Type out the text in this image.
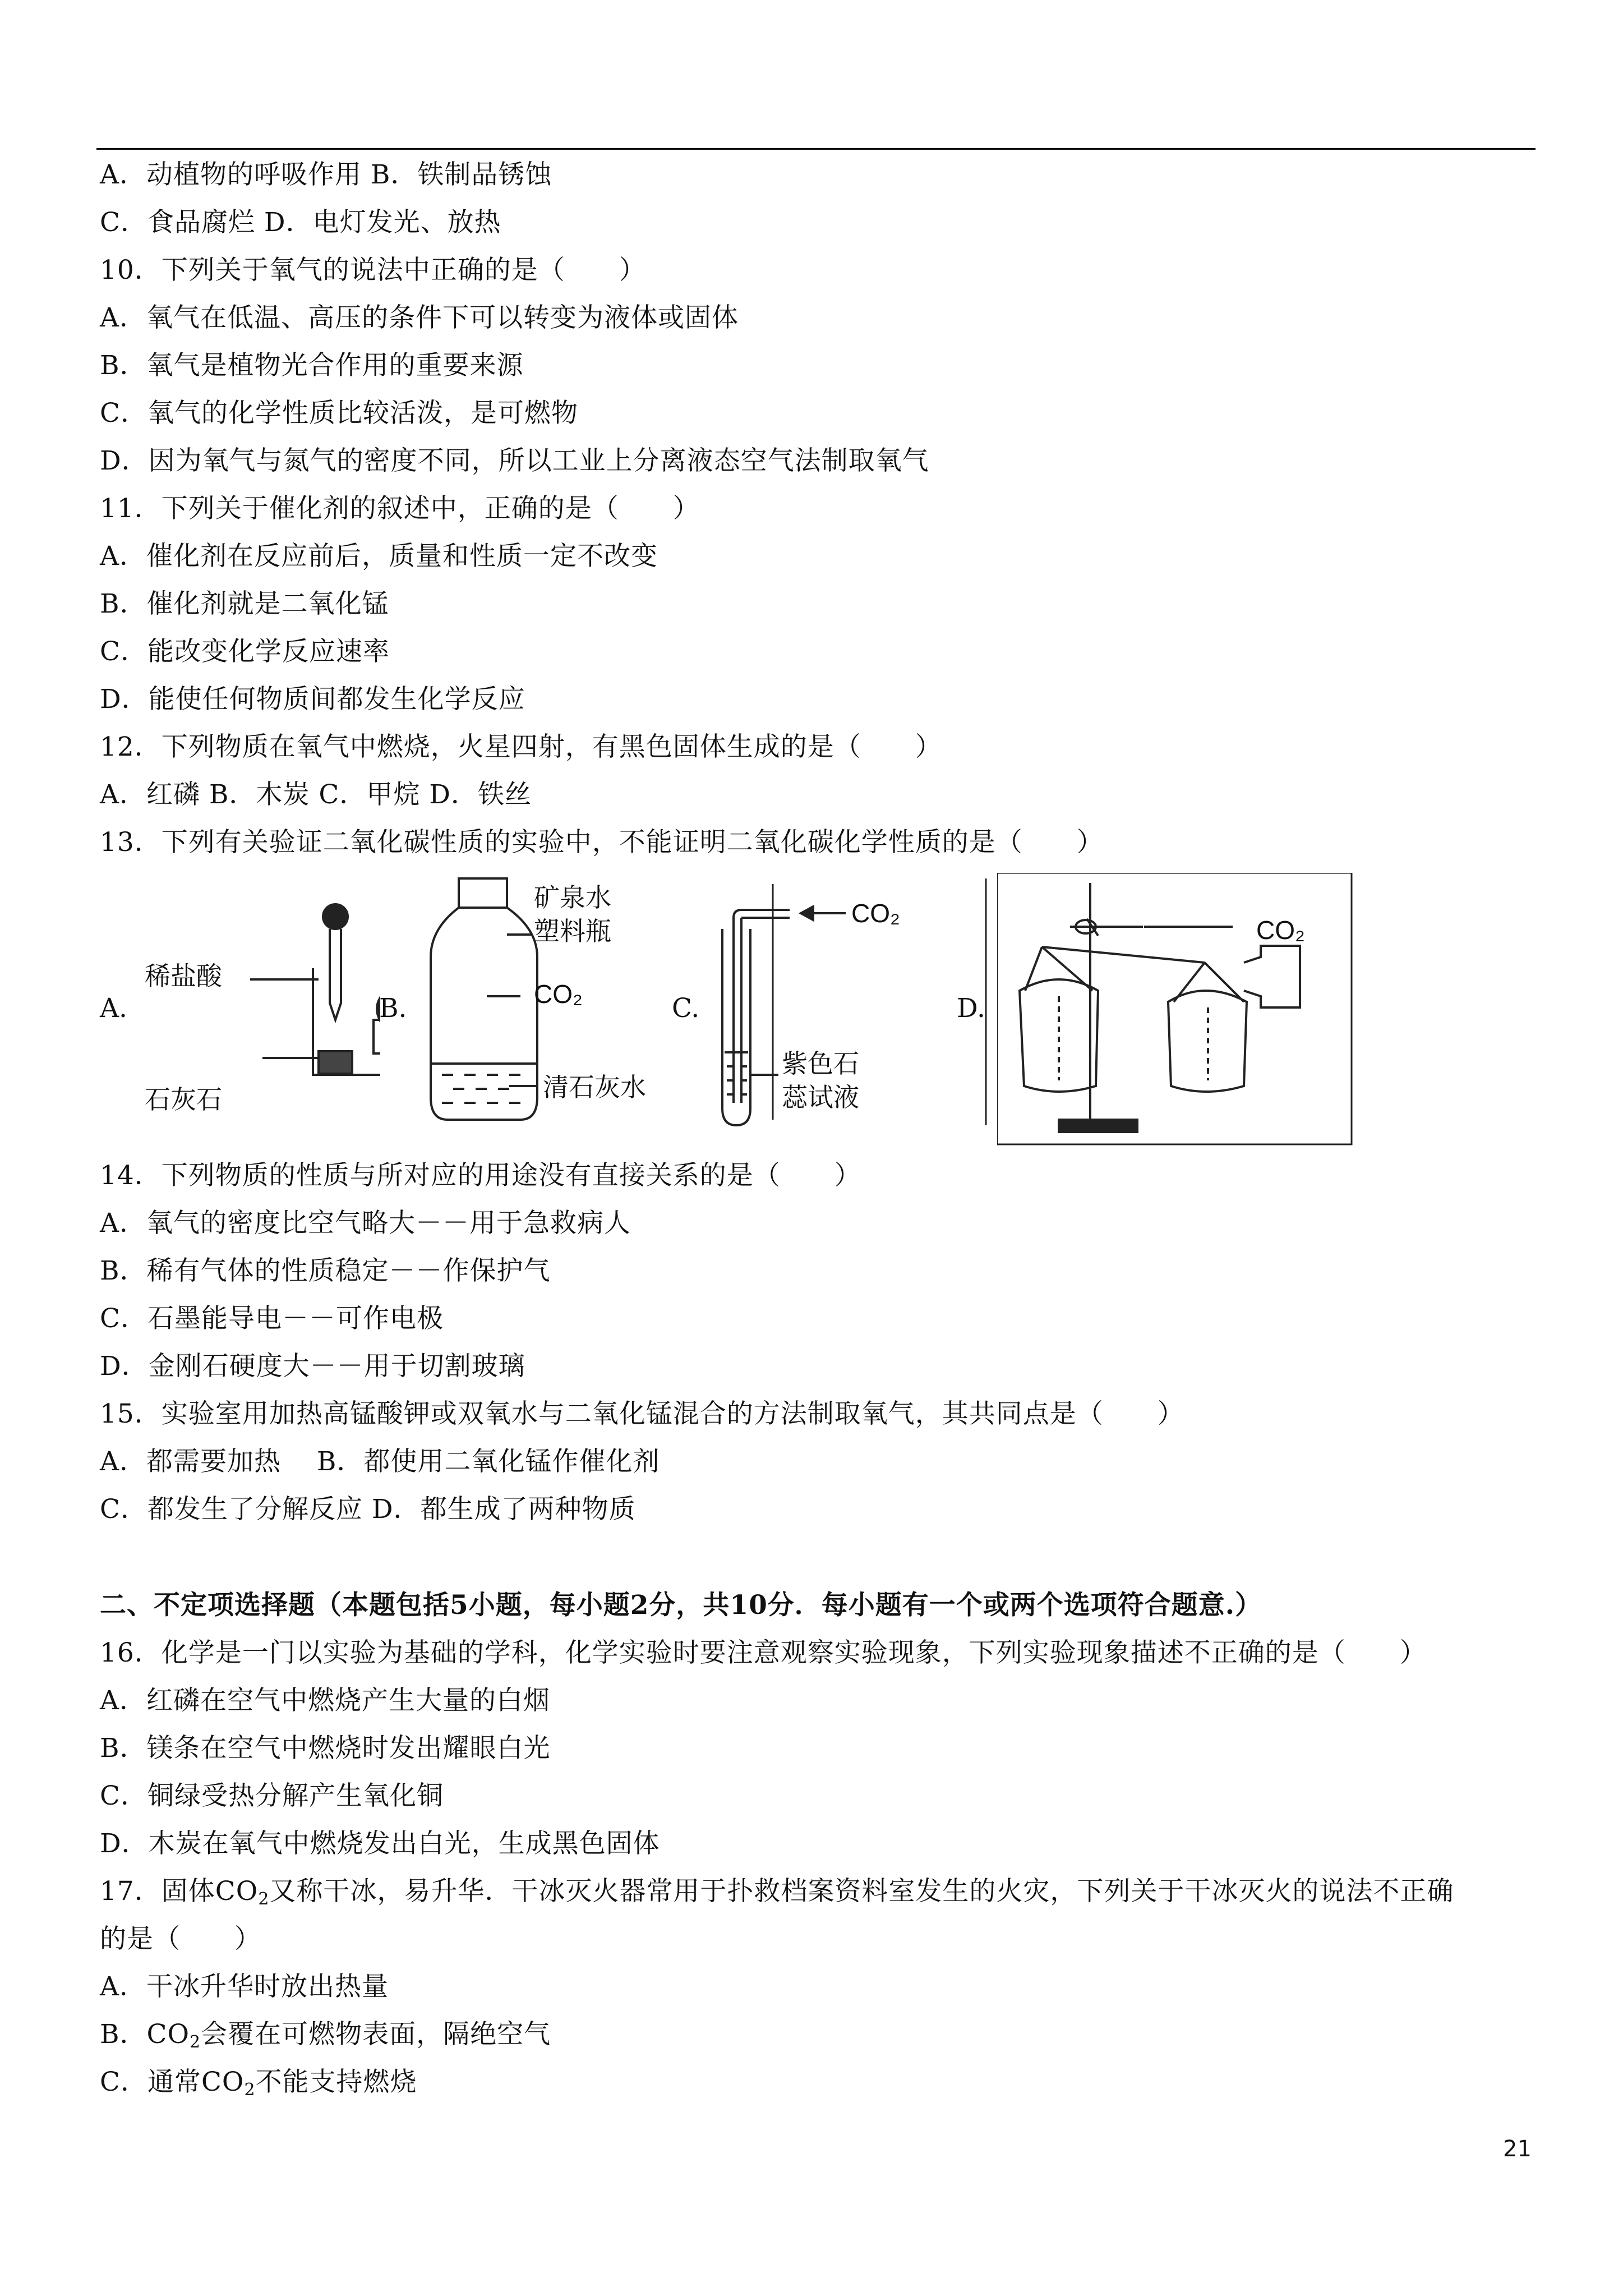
A．动植物的呼吸作用 B．铁制品锈蚀
C．食品腐烂 D．电灯发光、放热
10．下列关于氧气的说法中正确的是（　　）
A．氧气在低温、高压的条件下可以转变为液体或固体
B．氧气是植物光合作用的重要来源
C．氧气的化学性质比较活泼，是可燃物
D．因为氧气与氮气的密度不同，所以工业上分离液态空气法制取氧气
11．下列关于催化剂的叙述中，正确的是（　　）
A．催化剂在反应前后，质量和性质一定不改变
B．催化剂就是二氧化锰
C．能改变化学反应速率
D．能使任何物质间都发生化学反应
12．下列物质在氧气中燃烧，火星四射，有黑色固体生成的是（　　）
A．红磷 B．木炭 C．甲烷 D．铁丝
13．下列有关验证二氧化碳性质的实验中，不能证明二氧化碳化学性质的是（　　）
A.
稀盐酸
石灰石
B.
矿泉水
塑料瓶
CO₂
清石灰水
C.
CO₂
紫色石
蕊试液
D.
CO₂
14．下列物质的性质与所对应的用途没有直接关系的是（　　）
A．氧气的密度比空气略大－－用于急救病人
B．稀有气体的性质稳定－－作保护气
C．石墨能导电－－可作电极
D．金刚石硬度大－－用于切割玻璃
15．实验室用加热高锰酸钾或双氧水与二氧化锰混合的方法制取氧气，其共同点是（　　）
A．都需要加热　 B．都使用二氧化锰作催化剂
C．都发生了分解反应 D．都生成了两种物质
二、不定项选择题（本题包括5小题，每小题2分，共10分．每小题有一个或两个选项符合题意.）
16．化学是一门以实验为基础的学科，化学实验时要注意观察实验现象，下列实验现象描述不正确的是（　　）
A．红磷在空气中燃烧产生大量的白烟
B．镁条在空气中燃烧时发出耀眼白光
C．铜绿受热分解产生氧化铜
D．木炭在氧气中燃烧发出白光，生成黑色固体
17．固体$CO_2$又称干冰，易升华．干冰灭火器常用于扑救档案资料室发生的火灾，下列关于干冰灭火的说法不正确
的是（　　）
A．干冰升华时放出热量
B．$CO_2$会覆在可燃物表面，隔绝空气
C．通常$CO_2$不能支持燃烧
21
